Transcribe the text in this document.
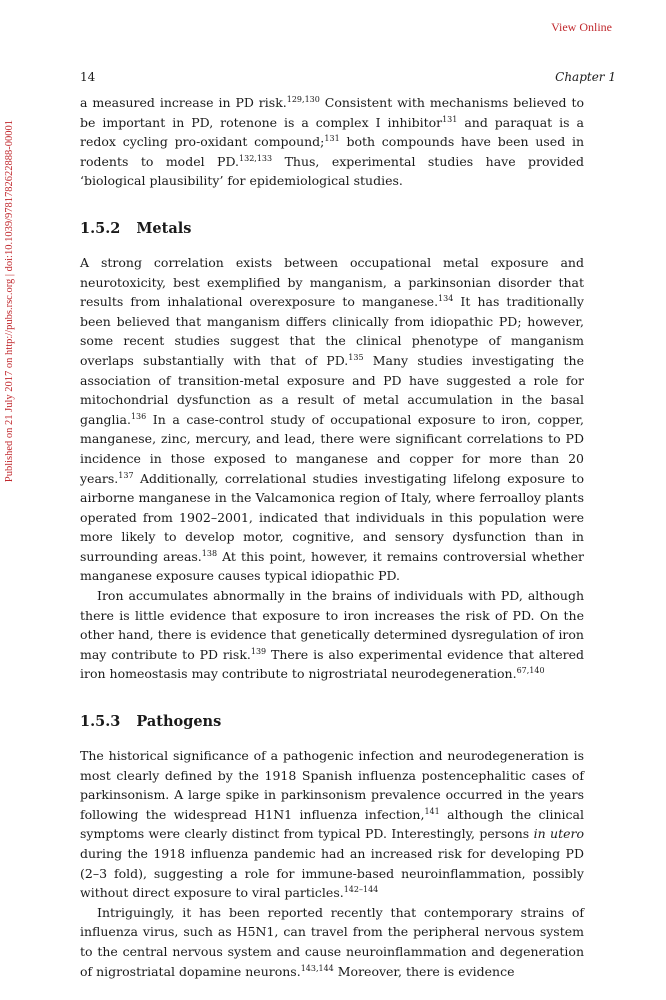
View Online
Published on 21 July 2017 on http://pubs.rsc.org | doi:10.1039/9781782622888-00001
14	Chapter 1

a measured increase in PD risk.$^{129,130}$ Consistent with mechanisms believed to be important in PD, rotenone is a complex I inhibitor$^{131}$ and paraquat is a redox cycling pro-oxidant compound;$^{131}$ both compounds have been used in rodents to model PD.$^{132,133}$ Thus, experimental studies have provided ‘biological plausibility’ for epidemiological studies.

1.5.2 Metals

A strong correlation exists between occupational metal exposure and neurotoxicity, best exemplified by manganism, a parkinsonian disorder that results from inhalational overexposure to manganese.$^{134}$ It has traditionally been believed that manganism differs clinically from idiopathic PD; however, some recent studies suggest that the clinical phenotype of manganism overlaps substantially with that of PD.$^{135}$ Many studies investigating the association of transition-metal exposure and PD have suggested a role for mitochondrial dysfunction as a result of metal accumulation in the basal ganglia.$^{136}$ In a case-control study of occupational exposure to iron, copper, manganese, zinc, mercury, and lead, there were significant correlations to PD incidence in those exposed to manganese and copper for more than 20 years.$^{137}$ Additionally, correlational studies investigating lifelong exposure to airborne manganese in the Valcamonica region of Italy, where ferroalloy plants operated from 1902–2001, indicated that individuals in this population were more likely to develop motor, cognitive, and sensory dysfunction than in surrounding areas.$^{138}$ At this point, however, it remains controversial whether manganese exposure causes typical idiopathic PD.

Iron accumulates abnormally in the brains of individuals with PD, although there is little evidence that exposure to iron increases the risk of PD. On the other hand, there is evidence that genetically determined dysregulation of iron may contribute to PD risk.$^{139}$ There is also experimental evidence that altered iron homeostasis may contribute to nigrostriatal neurodegeneration.$^{67,140}$

1.5.3 Pathogens

The historical significance of a pathogenic infection and neurodegeneration is most clearly defined by the 1918 Spanish influenza postencephalitic cases of parkinsonism. A large spike in parkinsonism prevalence occurred in the years following the widespread H1N1 influenza infection,$^{141}$ although the clinical symptoms were clearly distinct from typical PD. Interestingly, persons in utero during the 1918 influenza pandemic had an increased risk for developing PD (2–3 fold), suggesting a role for immune-based neuroinflammation, possibly without direct exposure to viral particles.$^{142-144}$

Intriguingly, it has been reported recently that contemporary strains of influenza virus, such as H5N1, can travel from the peripheral nervous system to the central nervous system and cause neuroinflammation and degeneration of nigrostriatal dopamine neurons.$^{143,144}$ Moreover, there is evidence
